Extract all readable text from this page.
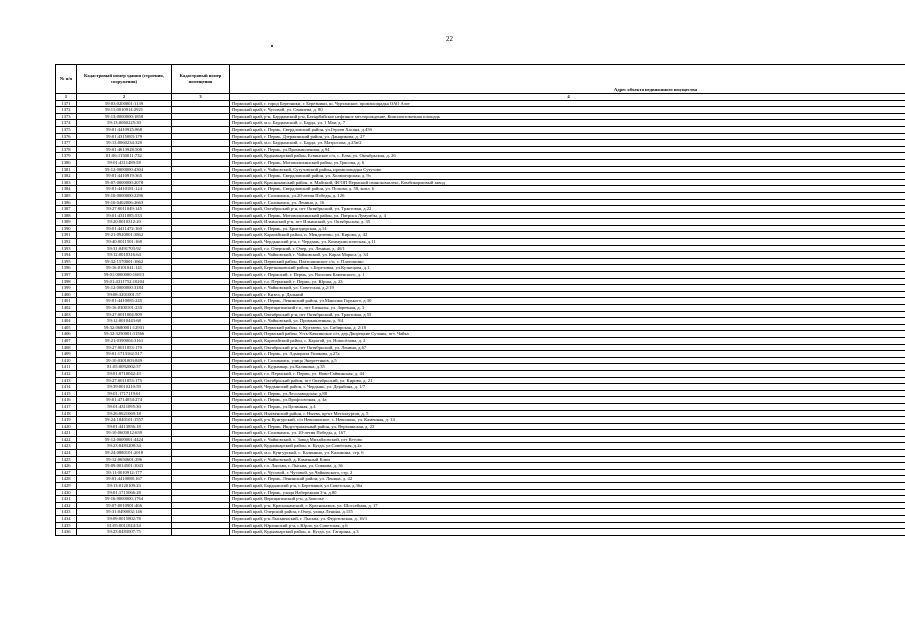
22
№ п/п	Кадастровый номер здания (строения, сооружения)	Кадастровый номер помещения	Адрес объекта недвижимого имущества
1	2	3	4
1371	59:03:0200001:1139		Пермский край, г. город Березники, г. Березники, ш. Чуртанское, промплощадка ОАО Азот
1372	59:11:0010914:2921		Пермский край, г. Чусовой, ул. Свиязева, д. 80
1373	59:13:0000000:1858		Пермский край, р-н. Бардымский р-н, Батырбайское нефтяное месторождение, Комплектовочная площадь
1374	59:13:0060225:30		Пермский край, м.о. Бардымский, с. Барда, ул. 1 Мая, д. 7
1375	59:01:4410925:868		Пермский край, г. Пермь, Свердловский район, ул.Героев Хасана, д.45б
1376	59:01:4315083:179		Пермский край, г. Пермь, Дзержинский район, ул. Данщикова, д. 27
1377	59:13:0060234:320		Пермский край, м.о. Бардымский, с. Барда, ул. Матросова, д.25в/2
1378	59:01:4613928:508		Пермский край, г. Пермь, ул.Промышленная, д.94
1379	81:06:1150011:732		Пермский край, Кудымкарский район, Егвинское с/п, с. Егва, ул. Октябрьская, д. 26
1380	59:01:4311489:58		Пермский край, г. Пермь, Мотовилихинский район, ул.Трясова, д. 6
1381	59:12:0000000:4304		Пермский край, г. Чайковский, Сутузовский район, промплощадка Сутузово
1382	59:01:4410919:365		Пермский край, г. Пермь, Свердловский район, ул. Холмогорская, д. 9з
1383	59:07:0000000:2078		Пермский край, Краснокамский район, п. Майский, ФГОП Пермский свинокомплекс, Комбикормовый завод
1384	59:01:4410181:124		Пермский край, г. Пермь, Свердловский район, ул. Попова, д. 58, копл. 6
1385	59:10:0000000:2296		Пермский край, г. Соликамск, ул.20-летия Победы, д. 126
1386	59:10:0402006:2663		Пермский край, г. Соликамск, ул. Ленина, д. 16
1387	59:27:0011049:145		Пермский край, Октябрьский р-н, пгт Октябрьский, ул. Трактовая, д.22
1388	59:01:4311085:533		Пермский край, г. Пермь, Мотовилихинский район, ул. Патриса Лумумбы, д. 4
1389	59:20:0010312:20		Пермский край, Ильинский р-н, пгт Ильинский, ул. Октябрьская, д. 35
1390	59:01:4411472:160		Пермский край, г. Пермь, ул. Бригадирская, д.14
1391	59:21:0920001:3862		Пермский край, Карагайский район, п. Менделеево, ул. Кирова, д. 42
1392	59:40:0011501:168		Пермский край, Чердынский р-н, г. Чердынь, ул. Коммунистическая, д.11
1393	59:31:0491703:92		Пермский край, г.о. Очерский, г. Очер, ул. Ленина, д. 46/1
1394	59:12:0010316:64		Пермский край, г. Чайковский, г. Чайковский, ул. Карла Маркса, д. 34
1395	59:32:1570001:1662		Пермский край, Пермский район, Платошинское с/п, с. Платошино
1396	59:16:0101041:141		Пермский край, Березниковский район, с.Березовка, ул.Кузнецова, д.1
1397	59:01:0000000:16813		Пермский край, г. Пермский, г. Пермь, ул. Василия Каменского, д. 1
1398	59:01:4311752:10204		Пермский край, г.о. Пермский, г. Пермь, ул. Юрша, д. 23
1399	59:12:0000000:3184		Пермский край, г. Чайковский, ул. Советская, д.2/19
1400	59:08:3201001:57		Пермский край, г. Кизел, р. Дальний
1401	59:01:4410085:245		Пермский край, г. Пермь, Ленинский район, ул.Максима Горького, д.30
1402	59:16:0300101:235		Пермский край, Верещагинский г.о., пгт Бачкалы, ул. Заречная, д. 3
1403	59:27:0011004:909		Пермский край, Октябрьский р-н, пгт Октябрьский, ул. Трактовая, д.55
1404	59:12:0010443:68		Пермский край, г. Чайковский, ул. Промышленная, д. 9/4
1405	59:32:0680001:12931		Пермский край, Пермский район, с. Култаево, ул. Сибирская, д. 2/18
1406	59:32:3250001:11566		Пермский край, Пермский район, Усть-Качкинское с/п, дер.Дворецкие Сучаны, пгт. Чайка
1407	59:21:0390004:3161		Пермский край, Карагайский район, с. Карагай, ул. Новосёлова, д. 2
1408	59:27:0011053:170		Пермский край, Октябрьский р-н, пгт Октябрьский, ул. Ленина, д.67
1409	59:01:1713162:517		Пермский край, г. Пермь, ул. Адмирала Ушакова, д.27а
1410	59:10:0301003:849		Пермский край, г. Соликамск, улица Энергетиков, д.5
1411	81:05:0092002:57		Пермский край, г. Кудымкар, ул.Калинина, д.35
1412	59:01:0710042:43		Пермский край, г.о. Пермский, г. Пермь, ул. Ново-Гайвинская, д. 44
1413	59:27:0011053:175		Пермский край, Октябрьский район, пгт Октябрьский, ул. Кирова, д. 21
1414	59:39:0010210:59		Пермский край, Чердынский район, г. Чердынь, ул. Дерябина, д. 1/7
1415	59:01:1717119:61		Пермский край, г. Пермь, ул.Лесозаводская, д.88
1416	59:01:4714054:274		Пермский край, г. Пермь, ул.Профсоюзная, д. 4а
1417	59:01:4311095:30		Пермский край, г. Пермь, ул.Целинная, д.4
1418	59:26:0621069:18		Пермский край, Нытвенский район, г. Нытва, пр-кт Металлургов, д. 5
1419	59:24:1840101:1557		Пермский край, р-н Кунгурский, с/п Неволинское, с. Неволино, ул. Каменная, д. 14
1420	59:01:4413856:18		Пермский край, г. Пермь, Индустриальный район, ул. Верхоянская, д. 23
1421	59:10:0603012:639		Пермский край, г. Соликамск, ул. 20-летия Победы, д. 167
1422	59:12:0000001:4424		Пермский край, г. Чайковский, с. Завод Михайловский, пгт Кетово
1423	59:23:0483208:34		Пермский край, Кудымкарский район, п. Кугда, ул.Советская, д.2а
1424	59:24:0880101:2018		Пермский край, м.о. Кунгурский, с. Калинино, ул. Калинина, стр. 6
1425	59:12:0650601:296		Пермский край, г. Чайковский, д. Каменный Ключ
1426	59:09:0014501:1043		Пермский край, г.о. Лысьва, г. Лысьва, ул. Сивкова, д. 36
1427	59:11:0010912:177		Пермский край, г. Чусовой, г. Чусовой, ул.Чайковского, стр. 2
1428	59:01:4410088:167		Пермский край, г. Пермь, Ленинский район, ул. Ленина, д. 42
1429	59:13:0120109:23		Пермский край, Бардымский р-н, с.Березники, ул.Советская, д.36а
1430	59:01:1715066:28		Пермский край, г. Пермь, улица Набережная 3-я, д.80
1431	59:16:0000000:1764		Пермский край, Верещагинский р-н, д.Заполье
1432	59:07:0010901:466		Пермский край, р-н. Краснокамский, г. Краснокамск, ул. Шоссейная, д. 17
1433	59:31:0490002:146		Пермский край, Очерский район, г.Очер, улица Ленина, д.155
1434	59:09:0015802:78		Пермский край, р-н Лысьвенский, г. Лысьва, ул. Федотовская, д. 16/1
1435	81:05:0011024:34		Пермский край, Юрлинский р-н, с.Юрла, ул.Советская, д.6
1436	59:23:0483007:75		Пермский край, Кудымкарский район, п. Кугда, ул. Гагарина, д.3
